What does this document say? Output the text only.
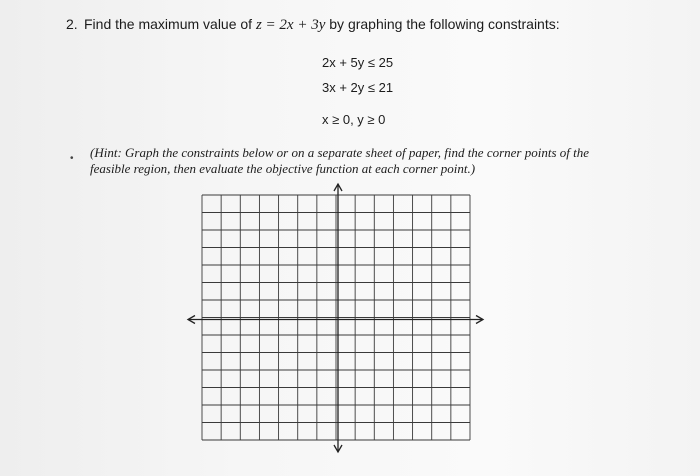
2. Find the maximum value of z = 2x + 3y by graphing the following constraints:
2x + 5y ≤ 25
3x + 2y ≤ 21
x ≥ 0, y ≥ 0
• (Hint: Graph the constraints below or on a separate sheet of paper, find the corner points of the feasible region, then evaluate the objective function at each corner point.)
